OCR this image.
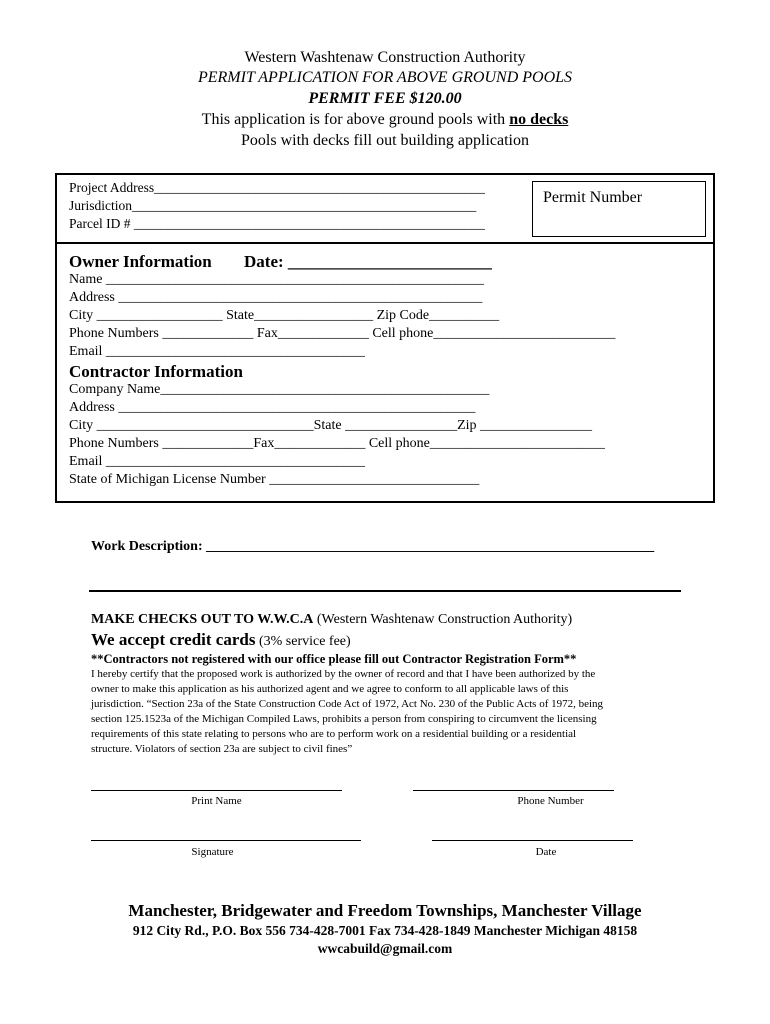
Western Washtenaw Construction Authority
PERMIT APPLICATION FOR ABOVE GROUND POOLS
PERMIT FEE $120.00
This application is for above ground pools with no decks
Pools with decks fill out building application
Project Address_________________________________________________
Jurisdiction___________________________________________________
Parcel ID # ____________________________________________________
Permit Number
Owner Information Date: ________________________
Name ______________________________________________________
Address ____________________________________________________
City __________________ State_________________ Zip Code__________
Phone Numbers _____________ Fax_____________ Cell phone__________________________
Email _____________________________________
Contractor Information
Company Name_______________________________________________
Address ___________________________________________________
City _______________________________State ________________Zip ________________
Phone Numbers _____________Fax_____________ Cell phone_________________________
Email _____________________________________
State of Michigan License Number ______________________________
Work Description: ________________________________________________________________
MAKE CHECKS OUT TO W.W.C.A (Western Washtenaw Construction Authority)
We accept credit cards (3% service fee)
**Contractors not registered with our office please fill out Contractor Registration Form**
I hereby certify that the proposed work is authorized by the owner of record and that I have been authorized by the
owner to make this application as his authorized agent and we agree to conform to all applicable laws of this
jurisdiction. “Section 23a of the State Construction Code Act of 1972, Act No. 230 of the Public Acts of 1972, being
section 125.1523a of the Michigan Compiled Laws, prohibits a person from conspiring to circumvent the licensing
requirements of this state relating to persons who are to perform work on a residential building or a residential
structure. Violators of section 23a are subject to civil fines”
Print Name	Phone Number
Signature	Date
Manchester, Bridgewater and Freedom Townships, Manchester Village
912 City Rd., P.O. Box 556 734-428-7001 Fax 734-428-1849 Manchester Michigan 48158
wwcabuild@gmail.com
